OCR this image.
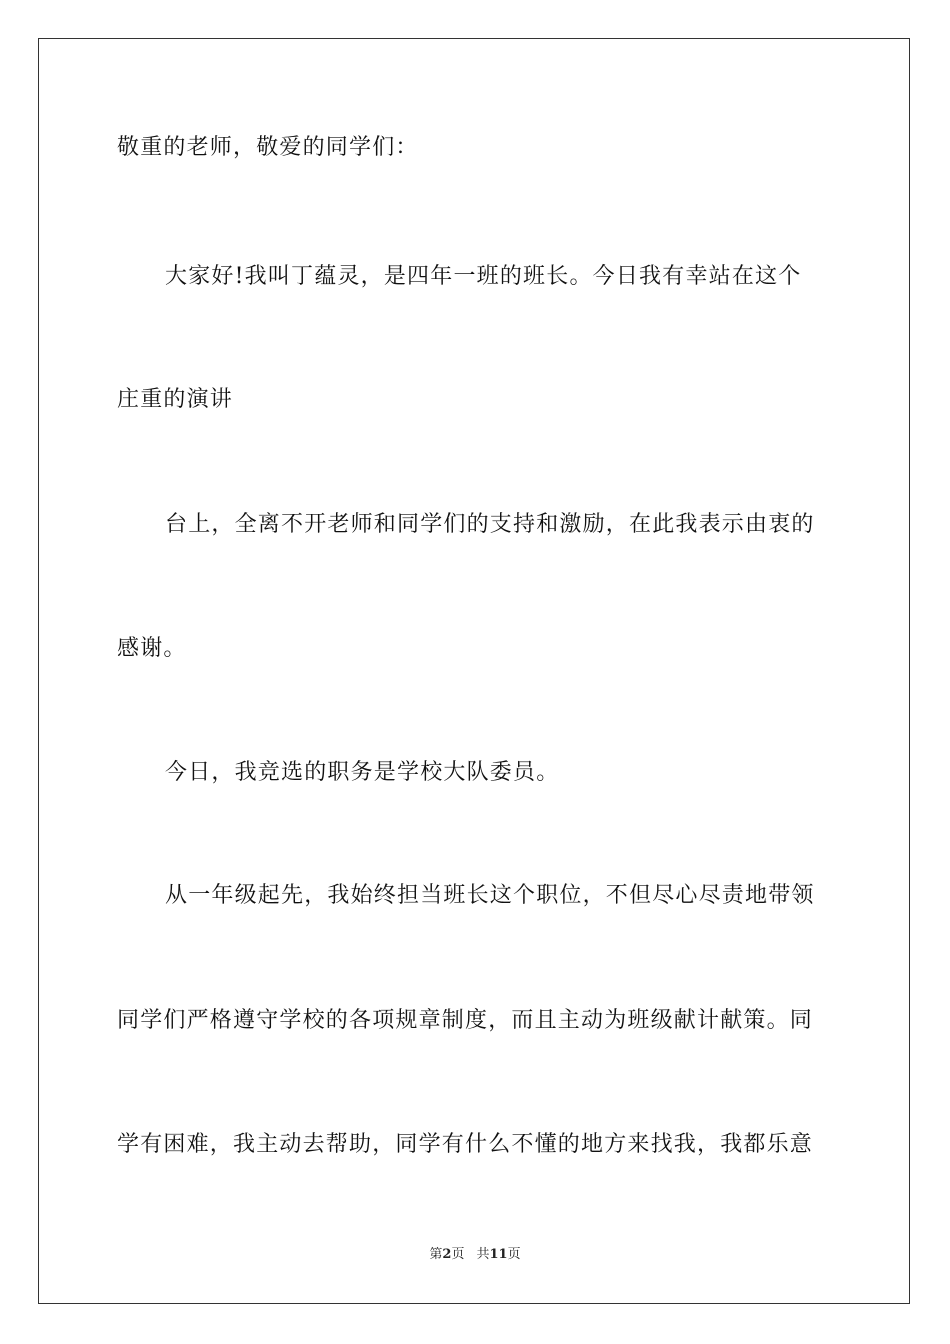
敬重的老师，敬爱的同学们：
大家好!我叫丁蕴灵，是四年一班的班长。今日我有幸站在这个
庄重的演讲
台上，全离不开老师和同学们的支持和激励，在此我表示由衷的
感谢。
今日，我竞选的职务是学校大队委员。
从一年级起先，我始终担当班长这个职位，不但尽心尽责地带领
同学们严格遵守学校的各项规章制度，而且主动为班级献计献策。同
学有困难，我主动去帮助，同学有什么不懂的地方来找我，我都乐意
第2页 共11页
